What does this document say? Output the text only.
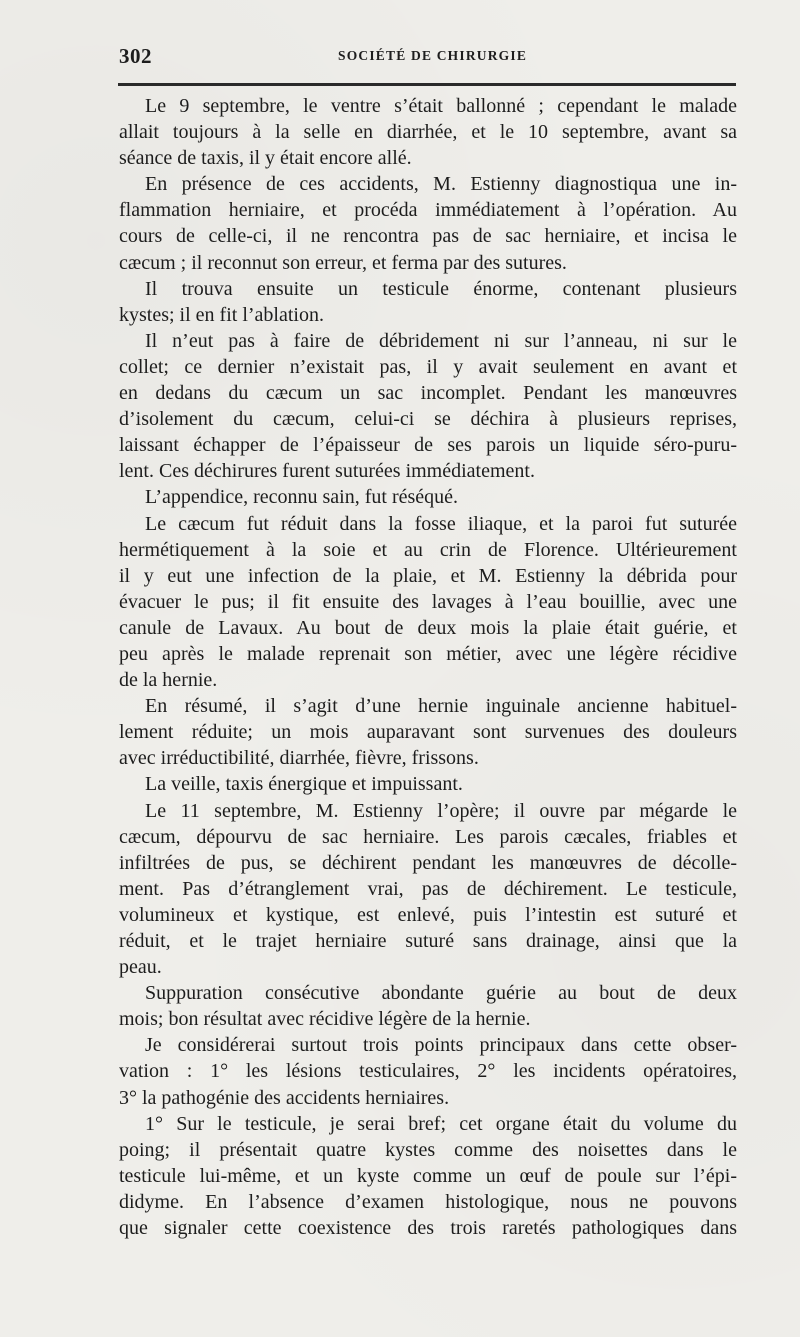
302	SOCIÉTÉ DE CHIRURGIE
Le 9 septembre, le ventre s’était ballonné ; cependant le malade
allait toujours à la selle en diarrhée, et le 10 septembre, avant sa
séance de taxis, il y était encore allé.
En présence de ces accidents, M. Estienny diagnostiqua une in-
flammation herniaire, et procéda immédiatement à l’opération. Au
cours de celle-ci, il ne rencontra pas de sac herniaire, et incisa le
cæcum ; il reconnut son erreur, et ferma par des sutures.
Il trouva ensuite un testicule énorme, contenant plusieurs
kystes; il en fit l’ablation.
Il n’eut pas à faire de débridement ni sur l’anneau, ni sur le
collet; ce dernier n’existait pas, il y avait seulement en avant et
en dedans du cæcum un sac incomplet. Pendant les manœuvres
d’isolement du cæcum, celui-ci se déchira à plusieurs reprises,
laissant échapper de l’épaisseur de ses parois un liquide séro-puru-
lent. Ces déchirures furent suturées immédiatement.
L’appendice, reconnu sain, fut réséqué.
Le cæcum fut réduit dans la fosse iliaque, et la paroi fut suturée
hermétiquement à la soie et au crin de Florence. Ultérieurement
il y eut une infection de la plaie, et M. Estienny la débrida pour
évacuer le pus; il fit ensuite des lavages à l’eau bouillie, avec une
canule de Lavaux. Au bout de deux mois la plaie était guérie, et
peu après le malade reprenait son métier, avec une légère récidive
de la hernie.
En résumé, il s’agit d’une hernie inguinale ancienne habituel-
lement réduite; un mois auparavant sont survenues des douleurs
avec irréductibilité, diarrhée, fièvre, frissons.
La veille, taxis énergique et impuissant.
Le 11 septembre, M. Estienny l’opère; il ouvre par mégarde le
cæcum, dépourvu de sac herniaire. Les parois cæcales, friables et
infiltrées de pus, se déchirent pendant les manœuvres de décolle-
ment. Pas d’étranglement vrai, pas de déchirement. Le testicule,
volumineux et kystique, est enlevé, puis l’intestin est suturé et
réduit, et le trajet herniaire suturé sans drainage, ainsi que la
peau.
Suppuration consécutive abondante guérie au bout de deux
mois; bon résultat avec récidive légère de la hernie.
Je considérerai surtout trois points principaux dans cette obser-
vation : 1° les lésions testiculaires, 2° les incidents opératoires,
3° la pathogénie des accidents herniaires.
1° Sur le testicule, je serai bref; cet organe était du volume du
poing; il présentait quatre kystes comme des noisettes dans le
testicule lui-même, et un kyste comme un œuf de poule sur l’épi-
didyme. En l’absence d’examen histologique, nous ne pouvons
que signaler cette coexistence des trois raretés pathologiques dans
